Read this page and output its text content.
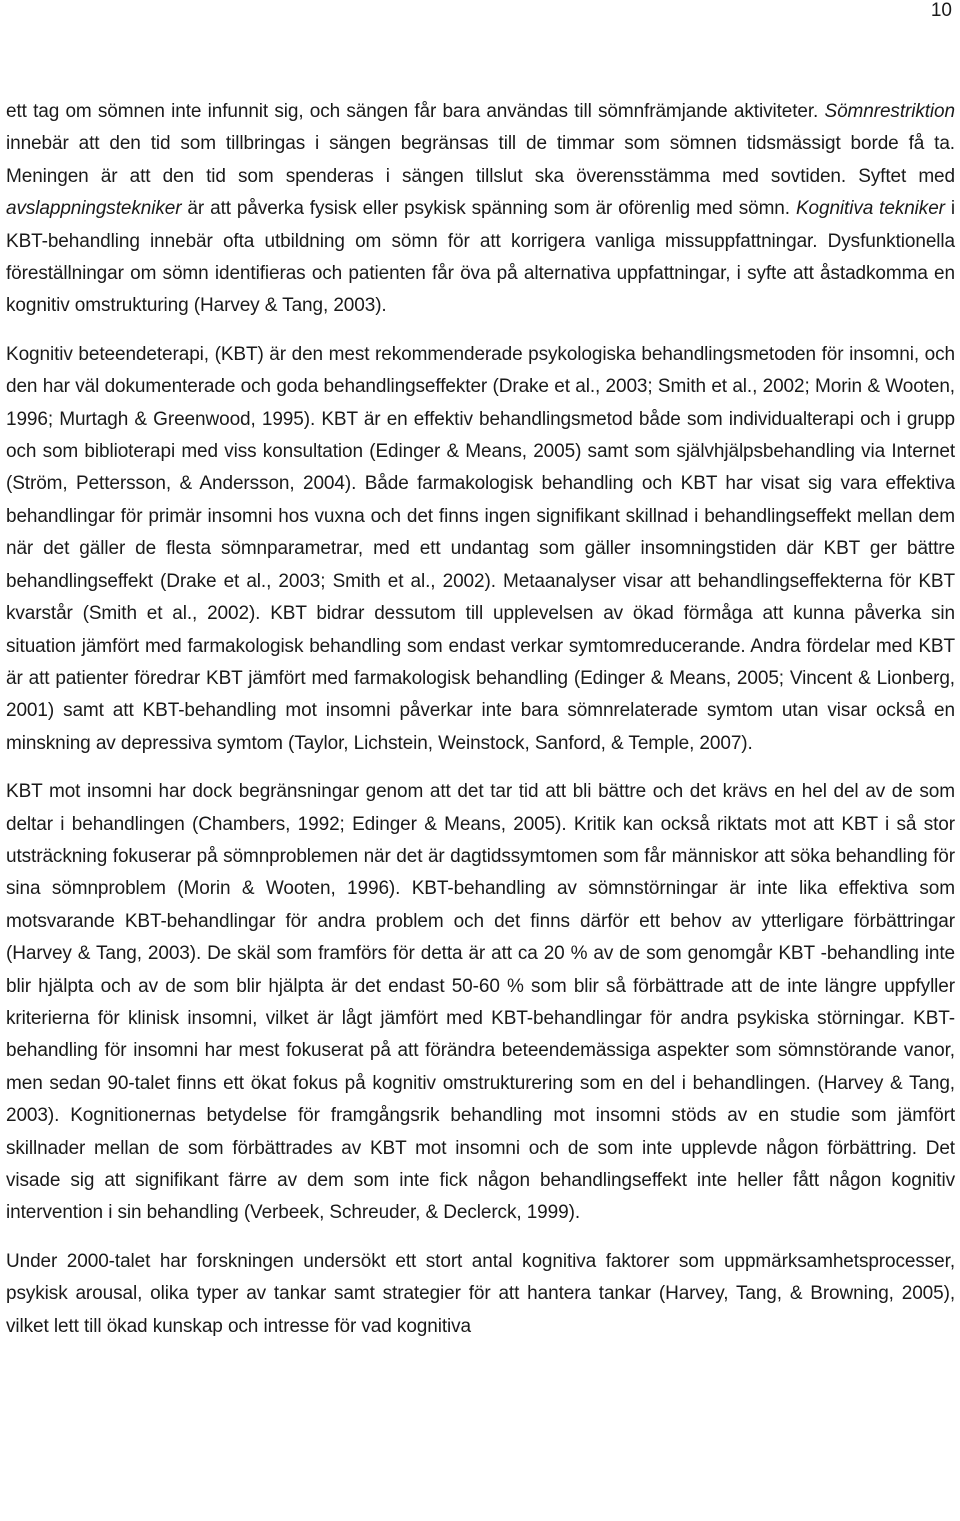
10

ett tag om sömnen inte infunnit sig, och sängen får bara användas till sömnfrämjande aktiviteter. Sömnrestriktion innebär att den tid som tillbringas i sängen begränsas till de timmar som sömnen tidsmässigt borde få ta. Meningen är att den tid som spenderas i sängen tillslut ska överensstämma med sovtiden. Syftet med avslappningstekniker är att påverka fysisk eller psykisk spänning som är oförenlig med sömn. Kognitiva tekniker i KBT-behandling innebär ofta utbildning om sömn för att korrigera vanliga missuppfattningar. Dysfunktionella föreställningar om sömn identifieras och patienten får öva på alternativa uppfattningar, i syfte att åstadkomma en kognitiv omstrukturing (Harvey & Tang, 2003).

Kognitiv beteendeterapi, (KBT) är den mest rekommenderade psykologiska behandlingsmetoden för insomni, och den har väl dokumenterade och goda behandlingseffekter (Drake et al., 2003; Smith et al., 2002; Morin & Wooten, 1996; Murtagh & Greenwood, 1995). KBT är en effektiv behandlingsmetod både som individualterapi och i grupp och som biblioterapi med viss konsultation (Edinger & Means, 2005) samt som självhjälpsbehandling via Internet (Ström, Pettersson, & Andersson, 2004). Både farmakologisk behandling och KBT har visat sig vara effektiva behandlingar för primär insomni hos vuxna och det finns ingen signifikant skillnad i behandlingseffekt mellan dem när det gäller de flesta sömnparametrar, med ett undantag som gäller insomningstiden där KBT ger bättre behandlingseffekt (Drake et al., 2003; Smith et al., 2002). Metaanalyser visar att behandlingseffekterna för KBT kvarstår (Smith et al., 2002). KBT bidrar dessutom till upplevelsen av ökad förmåga att kunna påverka sin situation jämfört med farmakologisk behandling som endast verkar symtomreducerande. Andra fördelar med KBT är att patienter föredrar KBT jämfört med farmakologisk behandling (Edinger & Means, 2005; Vincent & Lionberg, 2001) samt att KBT-behandling mot insomni påverkar inte bara sömnrelaterade symtom utan visar också en minskning av depressiva symtom (Taylor, Lichstein, Weinstock, Sanford, & Temple, 2007).

KBT mot insomni har dock begränsningar genom att det tar tid att bli bättre och det krävs en hel del av de som deltar i behandlingen (Chambers, 1992; Edinger & Means, 2005). Kritik kan också riktats mot att KBT i så stor utsträckning fokuserar på sömnproblemen när det är dagtidssymtomen som får människor att söka behandling för sina sömnproblem (Morin & Wooten, 1996). KBT-behandling av sömnstörningar är inte lika effektiva som motsvarande KBT-behandlingar för andra problem och det finns därför ett behov av ytterligare förbättringar (Harvey & Tang, 2003). De skäl som framförs för detta är att ca 20 % av de som genomgår KBT -behandling inte blir hjälpta och av de som blir hjälpta är det endast 50-60 % som blir så förbättrade att de inte längre uppfyller kriterierna för klinisk insomni, vilket är lågt jämfört med KBT-behandlingar för andra psykiska störningar. KBT-behandling för insomni har mest fokuserat på att förändra beteendemässiga aspekter som sömnstörande vanor, men sedan 90-talet finns ett ökat fokus på kognitiv omstrukturering som en del i behandlingen. (Harvey & Tang, 2003). Kognitionernas betydelse för framgångsrik behandling mot insomni stöds av en studie som jämfört skillnader mellan de som förbättrades av KBT mot insomni och de som inte upplevde någon förbättring. Det visade sig att signifikant färre av dem som inte fick någon behandlingseffekt inte heller fått någon kognitiv intervention i sin behandling (Verbeek, Schreuder, & Declerck, 1999).

Under 2000-talet har forskningen undersökt ett stort antal kognitiva faktorer som uppmärksamhetsprocesser, psykisk arousal, olika typer av tankar samt strategier för att hantera tankar (Harvey, Tang, & Browning, 2005), vilket lett till ökad kunskap och intresse för vad kognitiva
